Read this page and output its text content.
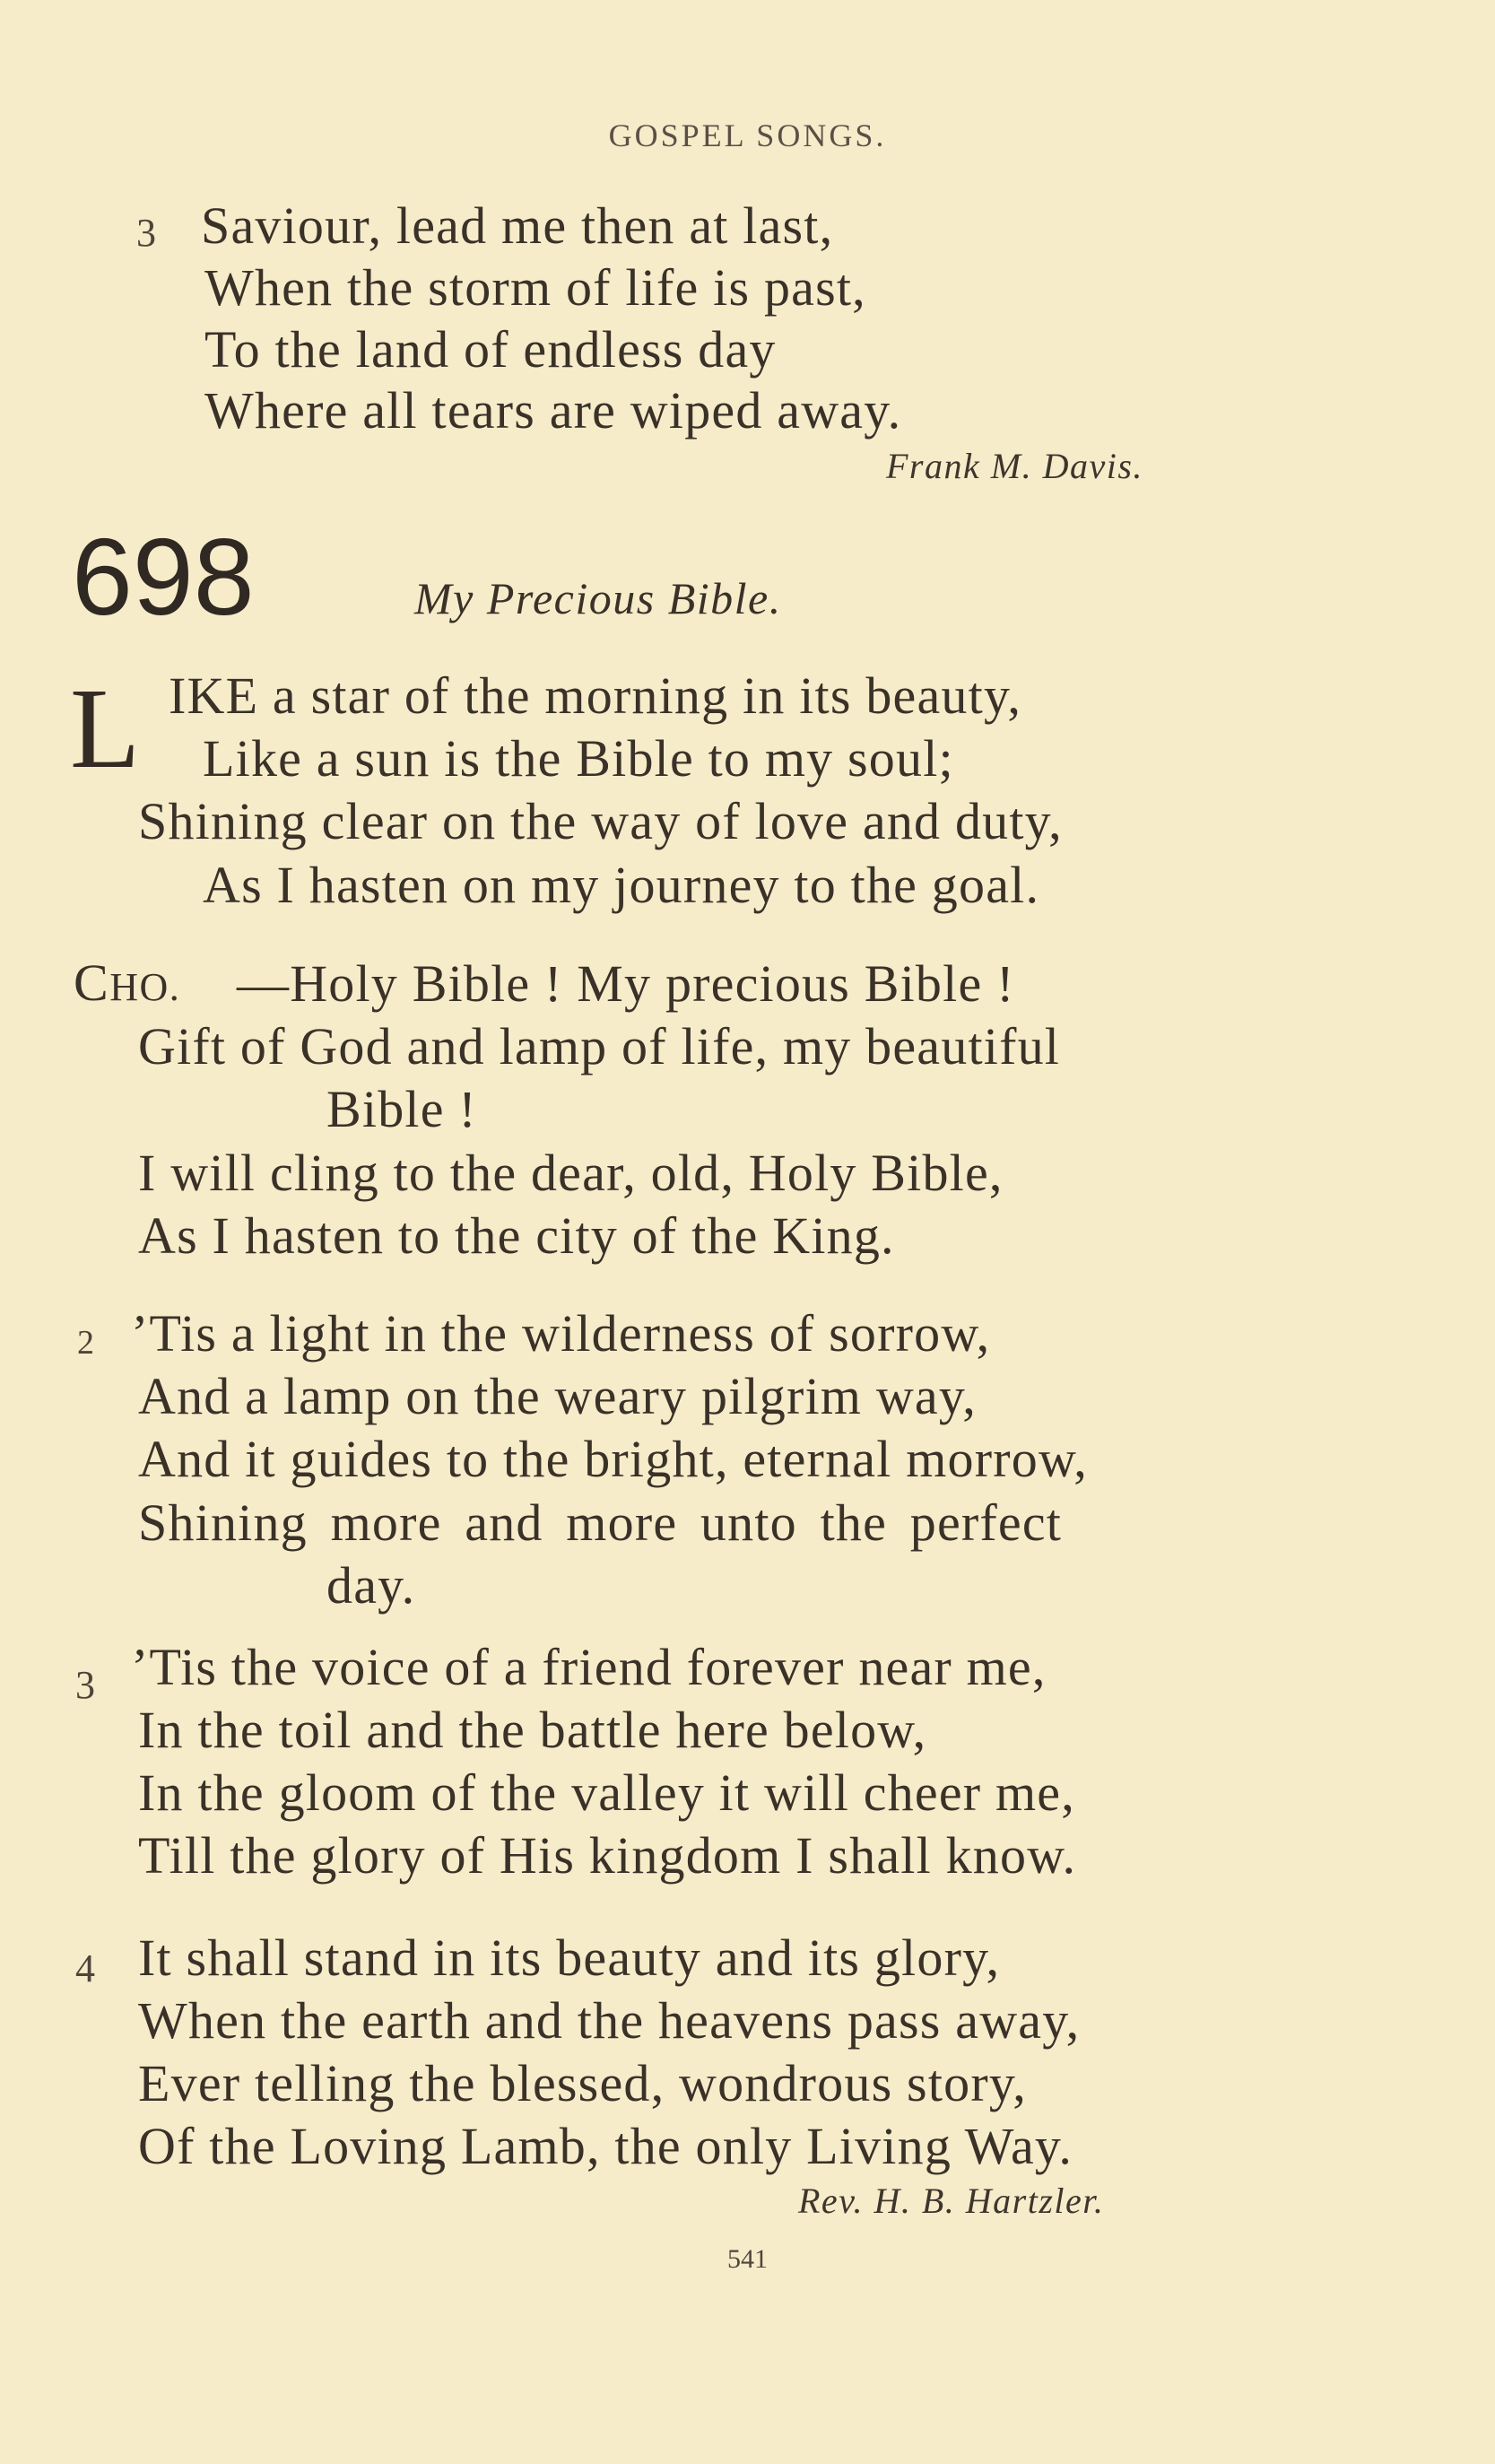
GOSPEL SONGS.
3 Saviour, lead me then at last,
When the storm of life is past,
To the land of endless day
Where all tears are wiped away.
Frank M. Davis.
698	My Precious Bible.
L IKE a star of the morning in its beauty,
Like a sun is the Bible to my soul;
Shining clear on the way of love and duty,
As I hasten on my journey to the goal.
CHO. —Holy Bible ! My precious Bible !
Gift of God and lamp of life, my beautiful
Bible !
I will cling to the dear, old, Holy Bible,
As I hasten to the city of the King.
2 ’Tis a light in the wilderness of sorrow,
And a lamp on the weary pilgrim way,
And it guides to the bright, eternal morrow,
Shining more and more unto the perfect
day.
3 ’Tis the voice of a friend forever near me,
In the toil and the battle here below,
In the gloom of the valley it will cheer me,
Till the glory of His kingdom I shall know.
4 It shall stand in its beauty and its glory,
When the earth and the heavens pass away,
Ever telling the blessed, wondrous story,
Of the Loving Lamb, the only Living Way.
Rev. H. B. Hartzler.
541
